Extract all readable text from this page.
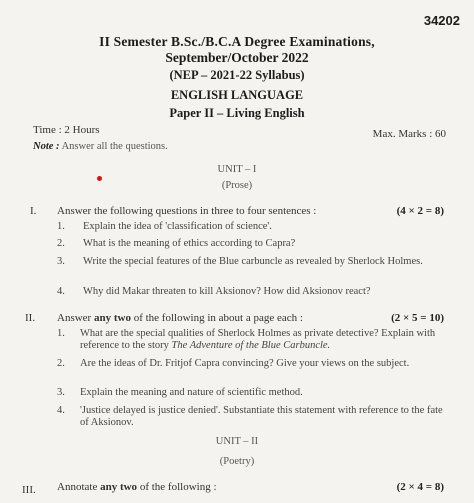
34202
II Semester B.Sc./B.C.A Degree Examinations,
September/October 2022
(NEP – 2021-22 Syllabus)
ENGLISH LANGUAGE
Paper II – Living English
Time : 2 Hours	Max. Marks : 60
Note : Answer all the questions.
UNIT – I
(Prose)
I. Answer the following questions in three to four sentences :	(4 × 2 = 8)
1. Explain the idea of 'classification of science'.
2. What is the meaning of ethics according to Capra?
3. Write the special features of the Blue carbuncle as revealed by Sherlock Holmes.
4. Why did Makar threaten to kill Aksionov? How did Aksionov react?
II. Answer any two of the following in about a page each :	(2 × 5 = 10)
1. What are the special qualities of Sherlock Holmes as private detective? Explain with reference to the story The Adventure of the Blue Carbuncle.
2. Are the ideas of Dr. Fritjof Capra convincing? Give your views on the subject.
3. Explain the meaning and nature of scientific method.
4. 'Justice delayed is justice denied'. Substantiate this statement with reference to the fate of Aksionov.
UNIT – II
(Poetry)
III. Annotate any two of the following :	(2 × 4 = 8)
